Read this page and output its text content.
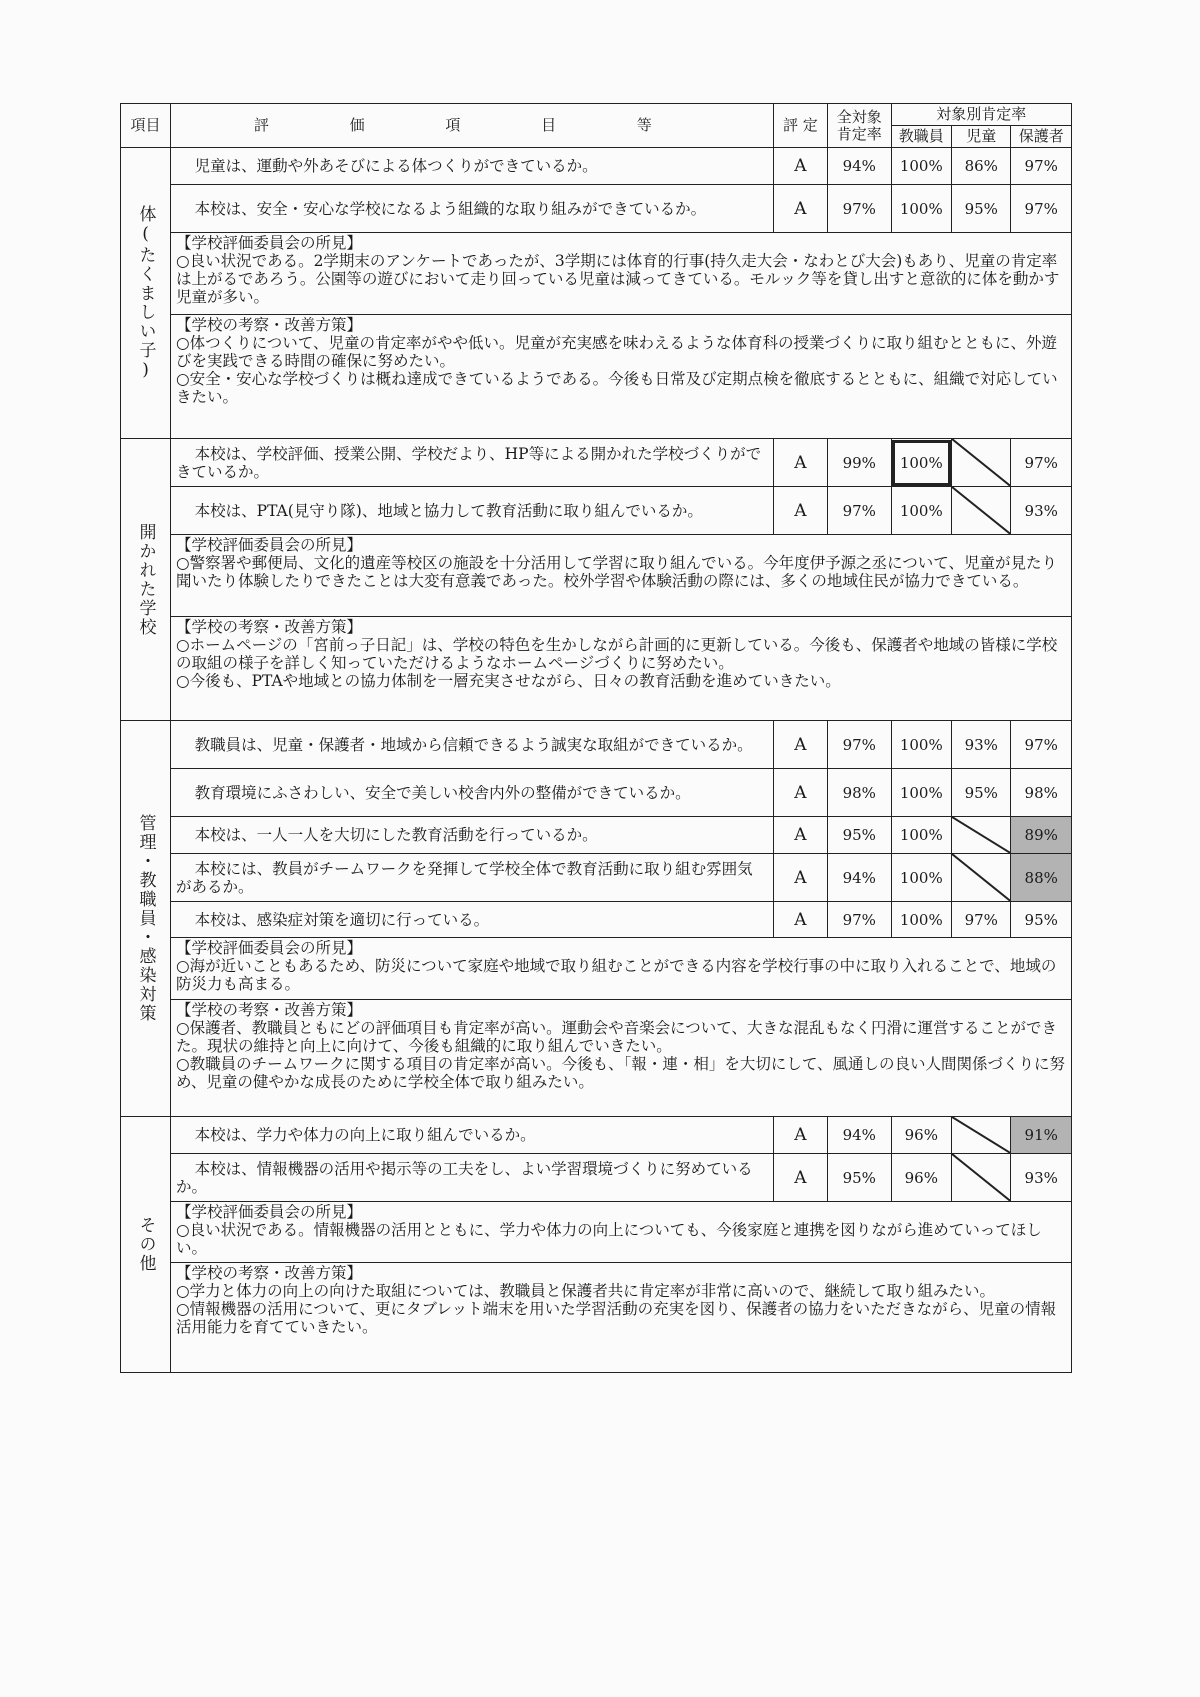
項目	評 価 項 目 等	評 定	全対象
肯定率	対象別肯定率		
				教職員	児童	保護者
体(たくましい子)	児童は、運動や外あそびによる体つくりができているか。	A	94%	100%	86%	97%
	本校は、安全・安心な学校になるよう組織的な取り組みができているか。	A	97%	100%	95%	97%

	【学校評価委員会の所見】
○良い状況である。2学期末のアンケートであったが、3学期には体育的行事(持久走大会・なわとび大会)もあり、児童の肯定率は上がるであろう。公園等の遊びにおいて走り回っている児童は減ってきている。モルック等を貸し出すと意欲的に体を動かす児童が多い。					

	【学校の考察・改善方策】
○体つくりについて、児童の肯定率がやや低い。児童が充実感を味わえるような体育科の授業づくりに取り組むとともに、外遊びを実践できる時間の確保に努めたい。
○安全・安心な学校づくりは概ね達成できているようである。今後も日常及び定期点検を徹底するとともに、組織で対応していきたい。					

開かれた学校	本校は、学校評価、授業公開、学校だより、HP等による開かれた学校づくりができているか。	A	99%	100%		97%
	本校は、PTA(見守り隊)、地域と協力して教育活動に取り組んでいるか。	A	97%	100%		93%

	【学校評価委員会の所見】
○警察署や郵便局、文化的遺産等校区の施設を十分活用して学習に取り組んでいる。今年度伊予源之丞について、児童が見たり聞いたり体験したりできたことは大変有意義であった。校外学習や体験活動の際には、多くの地域住民が協力できている。					

	【学校の考察・改善方策】
○ホームページの「宮前っ子日記」は、学校の特色を生かしながら計画的に更新している。今後も、保護者や地域の皆様に学校の取組の様子を詳しく知っていただけるようなホームページづくりに努めたい。
○今後も、PTAや地域との協力体制を一層充実させながら、日々の教育活動を進めていきたい。					

管理・教職員・感染対策	教職員は、児童・保護者・地域から信頼できるよう誠実な取組ができているか。	A	97%	100%	93%	97%
	教育環境にふさわしい、安全で美しい校舎内外の整備ができているか。	A	98%	100%	95%	98%
	本校は、一人一人を大切にした教育活動を行っているか。	A	95%	100%		89%
	本校には、教員がチームワークを発揮して学校全体で教育活動に取り組む雰囲気があるか。	A	94%	100%		88%
	本校は、感染症対策を適切に行っている。	A	97%	100%	97%	95%

	【学校評価委員会の所見】
○海が近いこともあるため、防災について家庭や地域で取り組むことができる内容を学校行事の中に取り入れることで、地域の防災力も高まる。					

	【学校の考察・改善方策】
○保護者、教職員ともにどの評価項目も肯定率が高い。運動会や音楽会について、大きな混乱もなく円滑に運営することができた。現状の維持と向上に向けて、今後も組織的に取り組んでいきたい。
○教職員のチームワークに関する項目の肯定率が高い。今後も、「報・連・相」を大切にして、風通しの良い人間関係づくりに努め、児童の健やかな成長のために学校全体で取り組みたい。					

その他	本校は、学力や体力の向上に取り組んでいるか。	A	94%	96%		91%
	本校は、情報機器の活用や掲示等の工夫をし、よい学習環境づくりに努めているか。	A	95%	96%		93%

	【学校評価委員会の所見】
○良い状況である。情報機器の活用とともに、学力や体力の向上についても、今後家庭と連携を図りながら進めていってほしい。					

	【学校の考察・改善方策】
○学力と体力の向上の向けた取組については、教職員と保護者共に肯定率が非常に高いので、継続して取り組みたい。
○情報機器の活用について、更にタブレット端末を用いた学習活動の充実を図り、保護者の協力をいただきながら、児童の情報活用能力を育てていきたい。					
